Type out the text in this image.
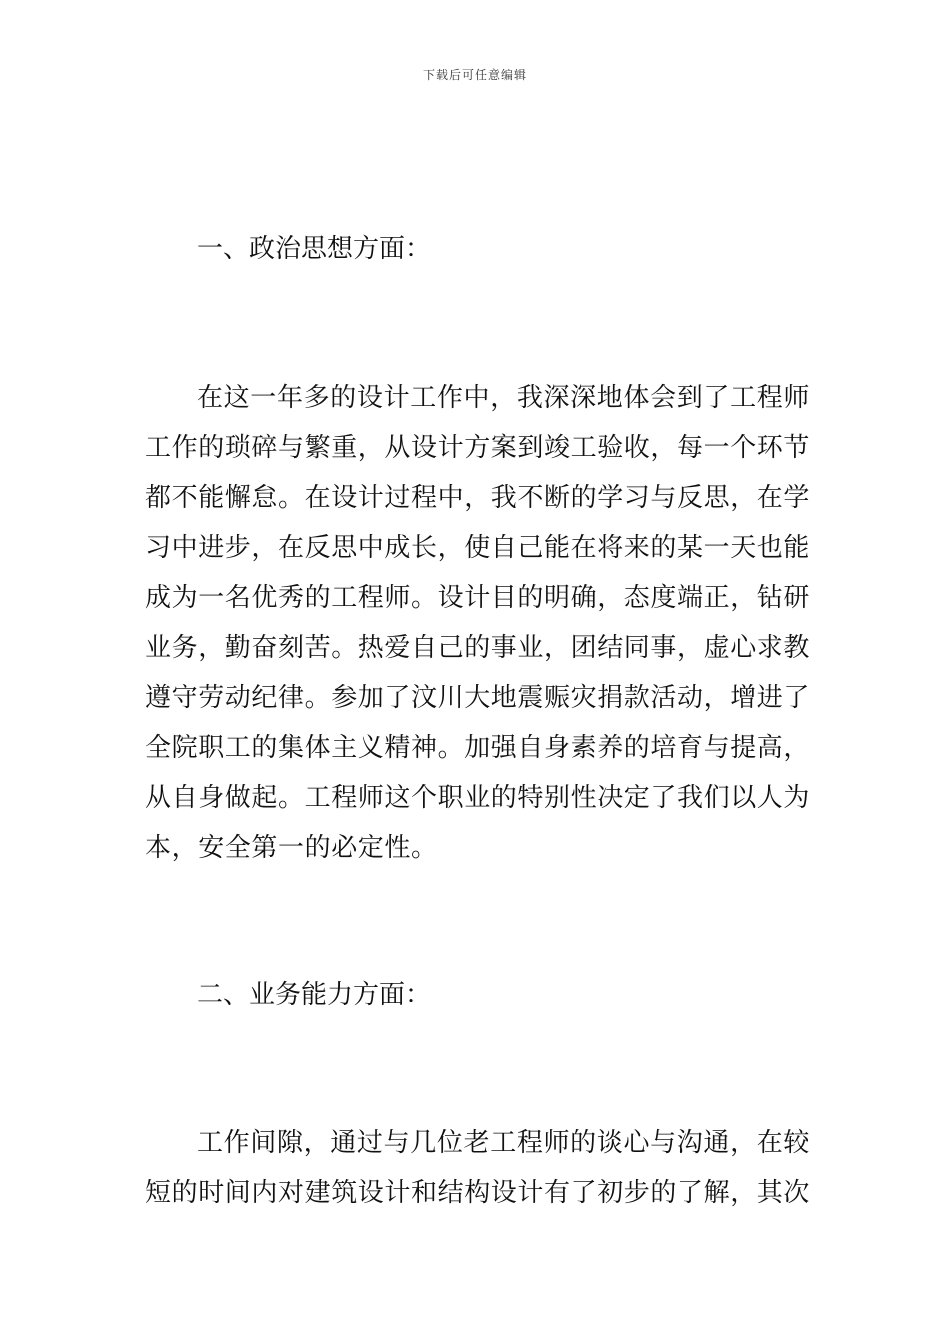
下载后可任意编辑
一、政治思想方面：

在这一年多的设计工作中，我深深地体会到了工程师工作的琐碎与繁重，从设计方案到竣工验收，每一个环节都不能懈怠。在设计过程中，我不断的学习与反思，在学习中进步，在反思中成长，使自己能在将来的某一天也能成为一名优秀的工程师。设计目的明确，态度端正，钻研业务，勤奋刻苦。热爱自己的事业，团结同事，虚心求教遵守劳动纪律。参加了汶川大地震赈灾捐款活动，增进了全院职工的集体主义精神。加强自身素养的培育与提高，从自身做起。工程师这个职业的特别性决定了我们以人为本，安全第一的必定性。

二、业务能力方面：

工作间隙，通过与几位老工程师的谈心与沟通，在较短的时间内对建筑设计和结构设计有了初步的了解，其次
